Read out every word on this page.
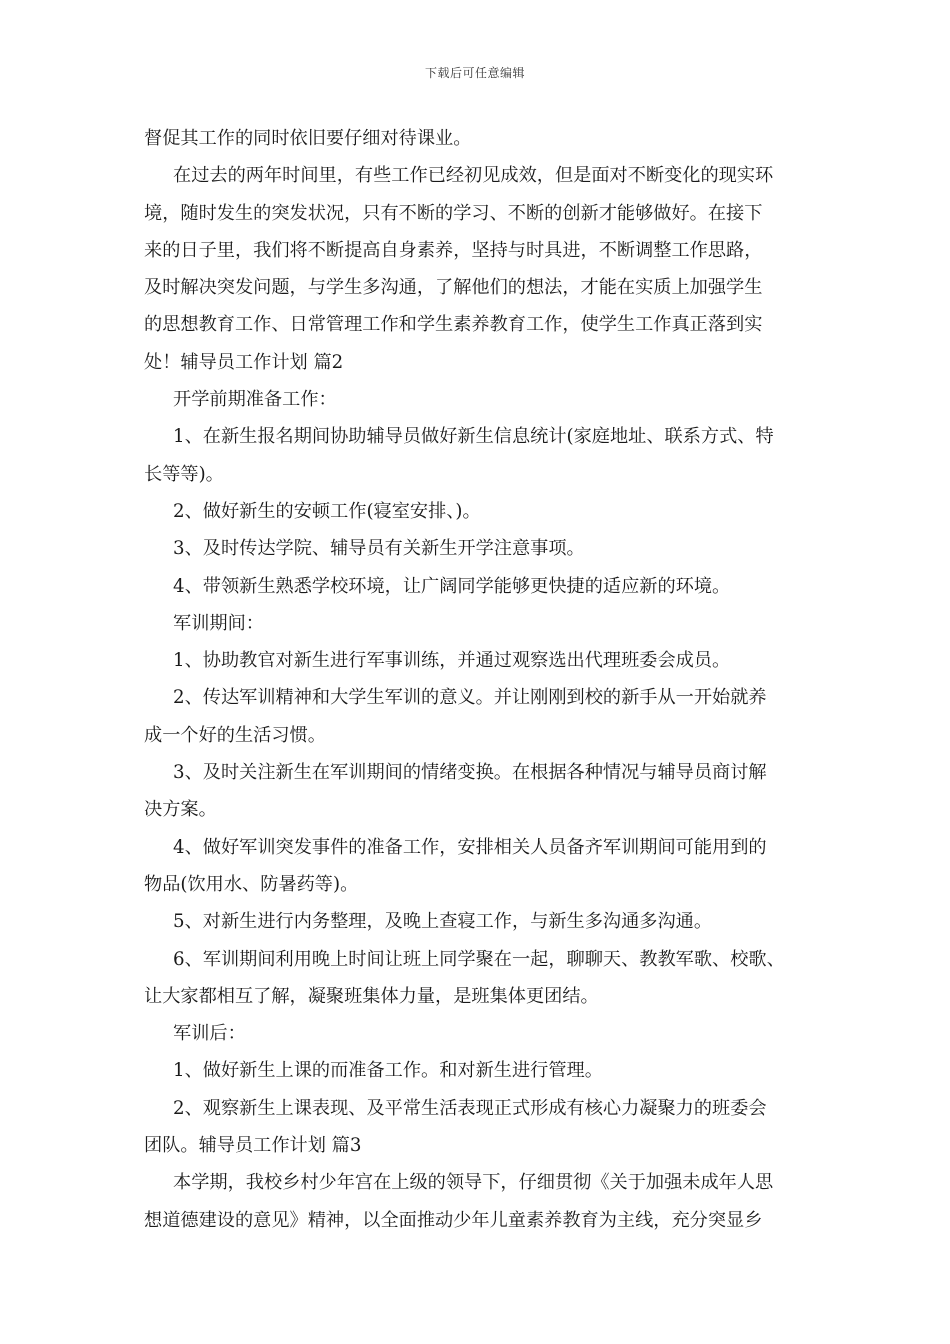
下载后可任意编辑
督促其工作的同时依旧要仔细对待课业。
在过去的两年时间里，有些工作已经初见成效，但是面对不断变化的现实环
境，随时发生的突发状况，只有不断的学习、不断的创新才能够做好。在接下
来的日子里，我们将不断提高自身素养，坚持与时具进，不断调整工作思路，
及时解决突发问题，与学生多沟通，了解他们的想法，才能在实质上加强学生
的思想教育工作、日常管理工作和学生素养教育工作，使学生工作真正落到实
处！辅导员工作计划 篇2
开学前期准备工作：
1、在新生报名期间协助辅导员做好新生信息统计(家庭地址、联系方式、特
长等等)。
2、做好新生的安顿工作(寝室安排、)。
3、及时传达学院、辅导员有关新生开学注意事项。
4、带领新生熟悉学校环境，让广阔同学能够更快捷的适应新的环境。
军训期间：
1、协助教官对新生进行军事训练，并通过观察选出代理班委会成员。
2、传达军训精神和大学生军训的意义。并让刚刚到校的新手从一开始就养
成一个好的生活习惯。
3、及时关注新生在军训期间的情绪变换。在根据各种情况与辅导员商讨解
决方案。
4、做好军训突发事件的准备工作，安排相关人员备齐军训期间可能用到的
物品(饮用水、防暑药等)。
5、对新生进行内务整理，及晚上查寝工作，与新生多沟通多沟通。
6、军训期间利用晚上时间让班上同学聚在一起，聊聊天、教教军歌、校歌、
让大家都相互了解，凝聚班集体力量，是班集体更团结。
军训后：
1、做好新生上课的而准备工作。和对新生进行管理。
2、观察新生上课表现、及平常生活表现正式形成有核心力凝聚力的班委会
团队。辅导员工作计划 篇3
本学期，我校乡村少年宫在上级的领导下，仔细贯彻《关于加强未成年人思
想道德建设的意见》精神，以全面推动少年儿童素养教育为主线，充分突显乡
